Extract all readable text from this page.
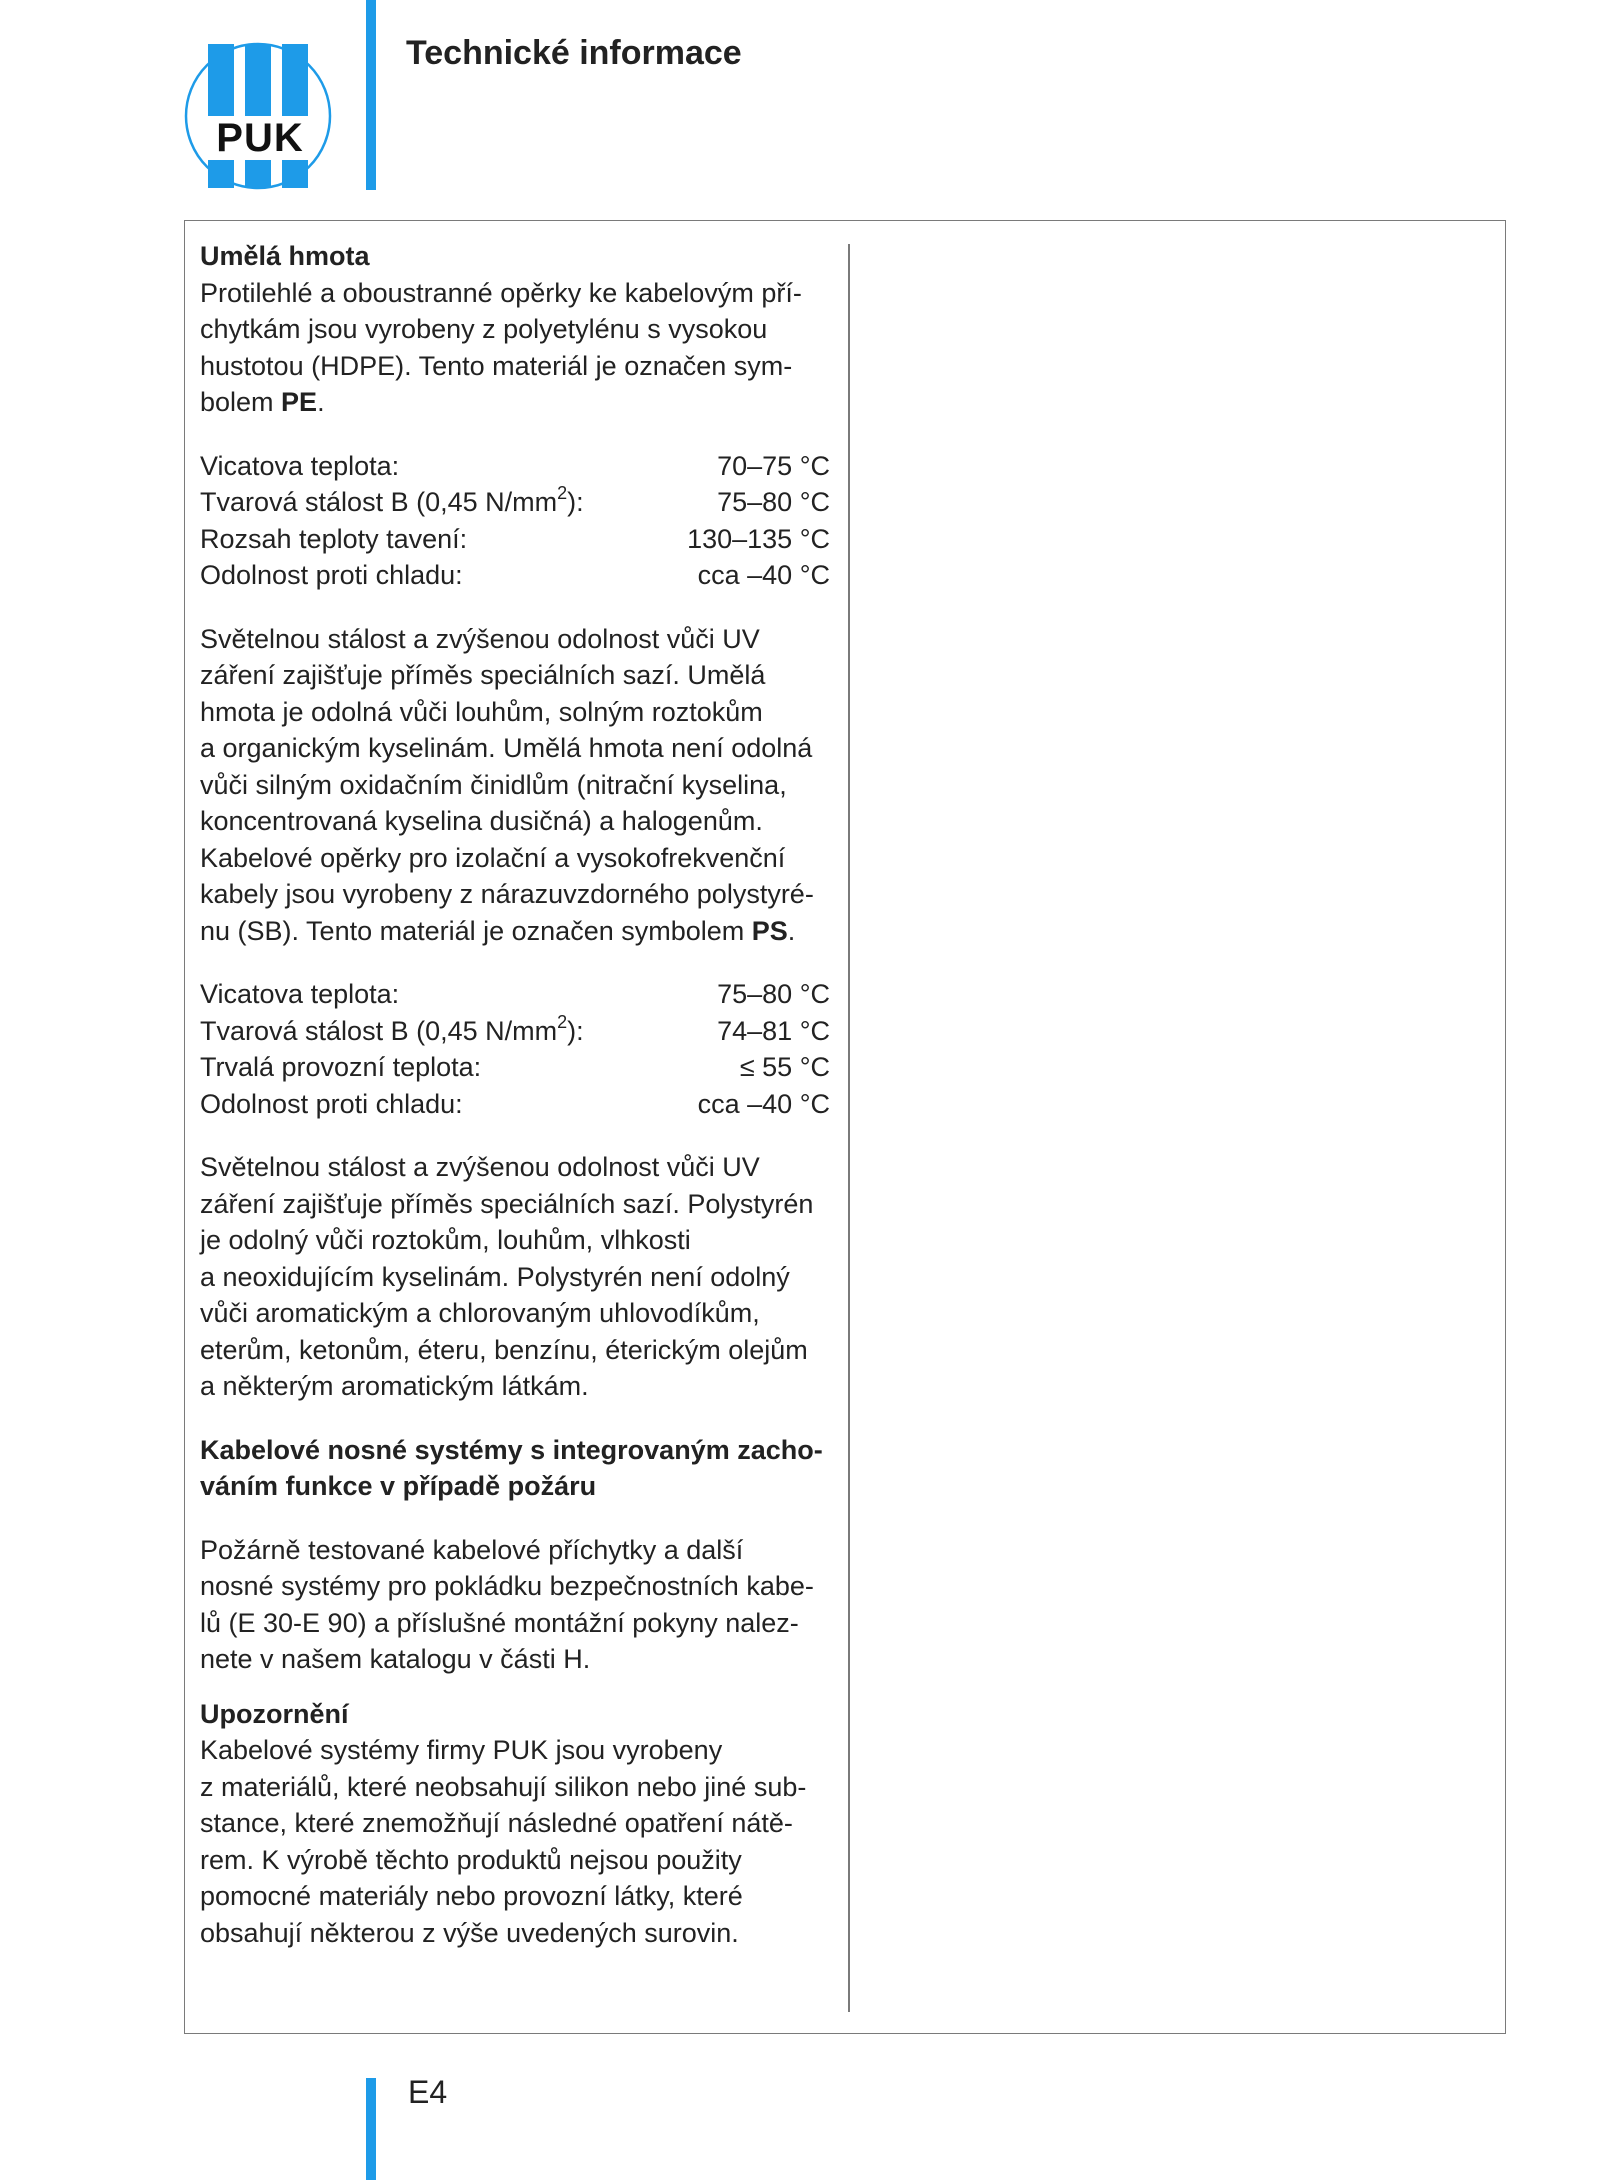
PUK
Technické informace

Umělá hmota

Protilehlé a oboustranné opěrky ke kabelovým pří-

chytkám jsou vyrobeny z polyetylénu s vysokou

hustotou (HDPE). Tento materiál je označen sym-

bolem PE.

Vicatova teplota:	70–75 °C
Tvarová stálost B (0,45 $N/mm^2$):	75–80 °C
Rozsah teploty tavení:	130–135 °C
Odolnost proti chladu:	cca –40 °C

Světelnou stálost a zvýšenou odolnost vůči UV

záření zajišťuje příměs speciálních sazí. Umělá

hmota je odolná vůči louhům, solným roztokům

a organickým kyselinám. Umělá hmota není odolná

vůči silným oxidačním činidlům (nitrační kyselina,

koncentrovaná kyselina dusičná) a halogenům.

Kabelové opěrky pro izolační a vysokofrekvenční

kabely jsou vyrobeny z nárazuvzdorného polystyré-

nu (SB). Tento materiál je označen symbolem PS.

Vicatova teplota:	75–80 °C
Tvarová stálost B (0,45 $N/mm^2$):	74–81 °C
Trvalá provozní teplota:	≤ 55 °C
Odolnost proti chladu:	cca –40 °C

Světelnou stálost a zvýšenou odolnost vůči UV

záření zajišťuje příměs speciálních sazí. Polystyrén

je odolný vůči roztokům, louhům, vlhkosti

a neoxidujícím kyselinám. Polystyrén není odolný

vůči aromatickým a chlorovaným uhlovodíkům,

eterům, ketonům, éteru, benzínu, éterickým olejům

a některým aromatickým látkám.

Kabelové nosné systémy s integrovaným zacho-

váním funkce v případě požáru

Požárně testované kabelové příchytky a další

nosné systémy pro pokládku bezpečnostních kabe-

lů (E 30-E 90) a příslušné montážní pokyny nalez-

nete v našem katalogu v části H.

Upozornění

Kabelové systémy firmy PUK jsou vyrobeny

z materiálů, které neobsahují silikon nebo jiné sub-

stance, které znemožňují následné opatření nátě-

rem. K výrobě těchto produktů nejsou použity

pomocné materiály nebo provozní látky, které

obsahují některou z výše uvedených surovin.

E4
